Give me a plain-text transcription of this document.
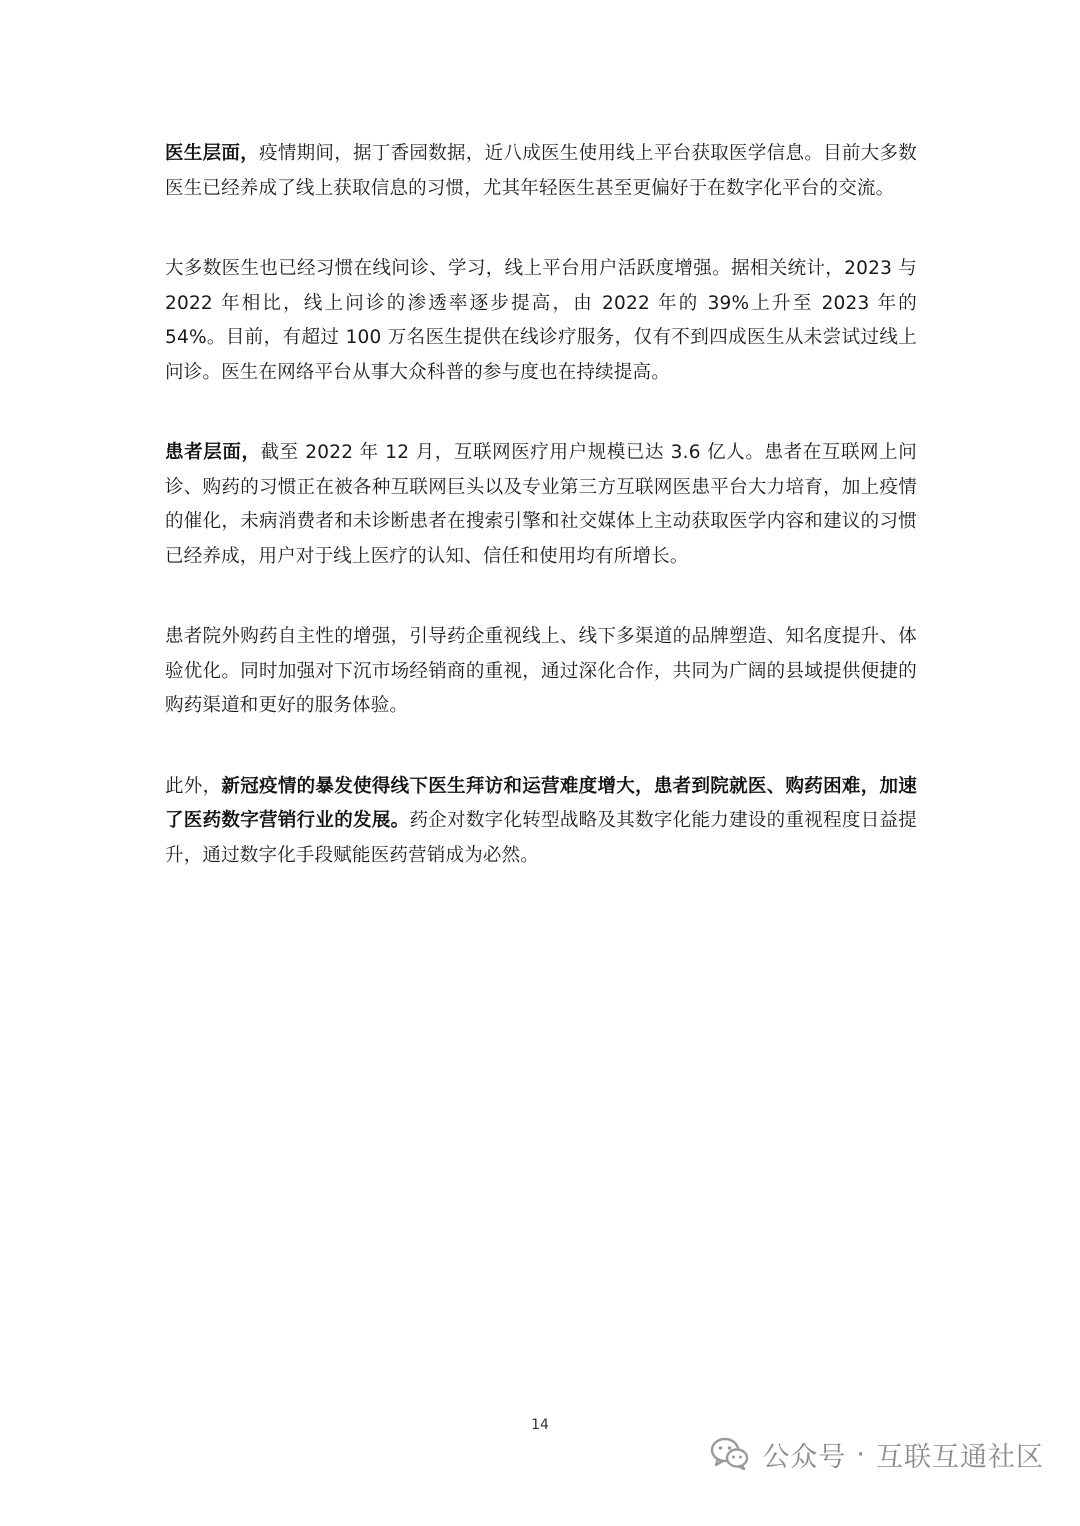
医生层面，疫情期间，据丁香园数据，近八成医生使用线上平台获取医学信息。目前大多数医生已经养成了线上获取信息的习惯，尤其年轻医生甚至更偏好于在数字化平台的交流。

大多数医生也已经习惯在线问诊、学习，线上平台用户活跃度增强。据相关统计，2023 与 2022 年相比，线上问诊的渗透率逐步提高，由 2022 年的 39%上升至 2023 年的 54%。目前，有超过 100 万名医生提供在线诊疗服务，仅有不到四成医生从未尝试过线上问诊。医生在网络平台从事大众科普的参与度也在持续提高。

患者层面，截至 2022 年 12 月，互联网医疗用户规模已达 3.6 亿人。患者在互联网上问诊、购药的习惯正在被各种互联网巨头以及专业第三方互联网医患平台大力培育，加上疫情的催化，未病消费者和未诊断患者在搜索引擎和社交媒体上主动获取医学内容和建议的习惯已经养成，用户对于线上医疗的认知、信任和使用均有所增长。

患者院外购药自主性的增强，引导药企重视线上、线下多渠道的品牌塑造、知名度提升、体验优化。同时加强对下沉市场经销商的重视，通过深化合作，共同为广阔的县域提供便捷的购药渠道和更好的服务体验。

此外，新冠疫情的暴发使得线下医生拜访和运营难度增大，患者到院就医、购药困难，加速了医药数字营销行业的发展。药企对数字化转型战略及其数字化能力建设的重视程度日益提升，通过数字化手段赋能医药营销成为必然。

14
公众号 · 互联互通社区
